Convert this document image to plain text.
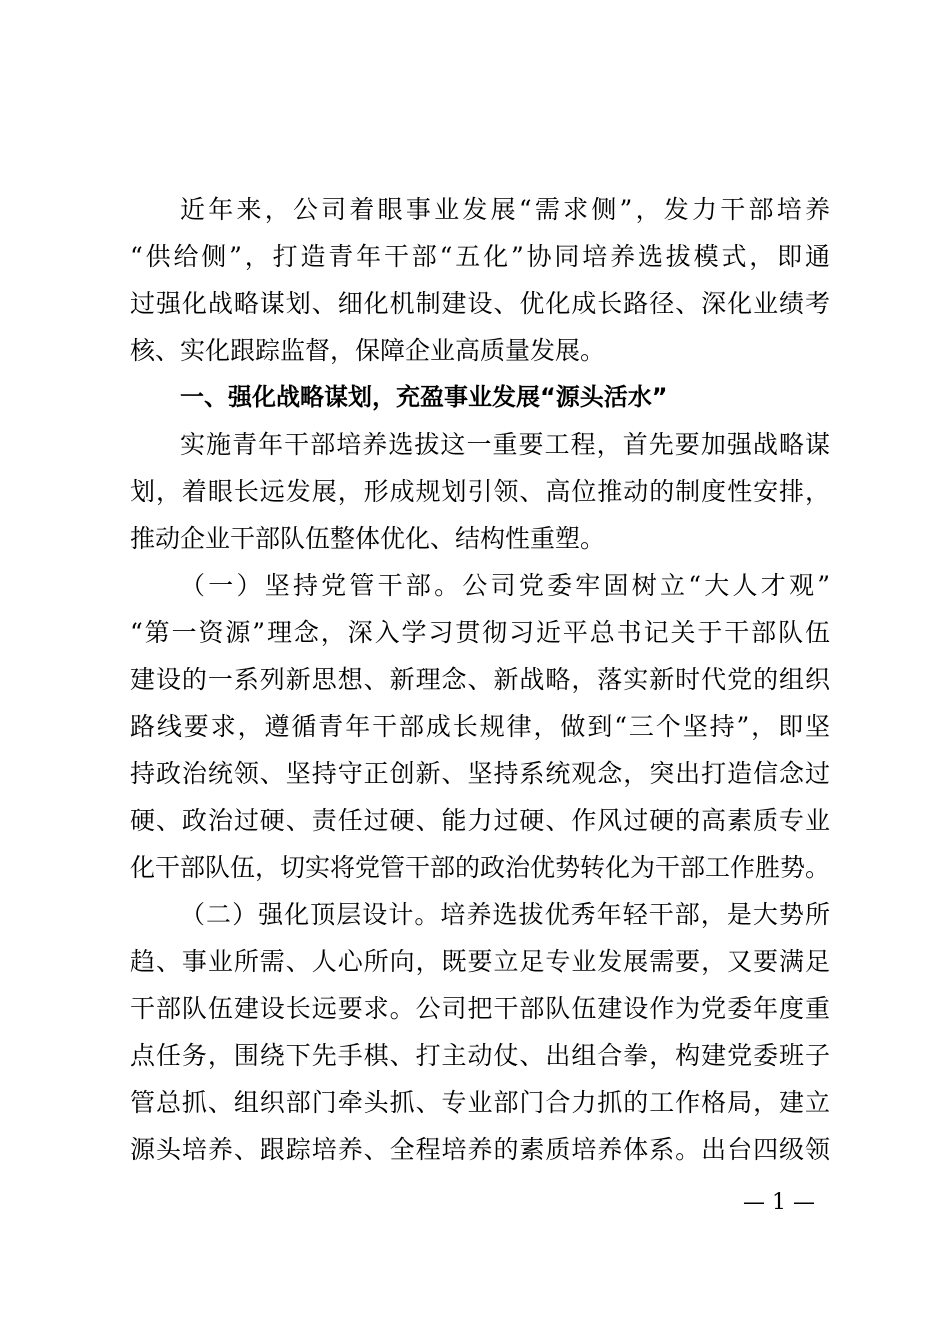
近年来，公司着眼事业发展“需求侧”，发力干部培养
“供给侧”，打造青年干部“五化”协同培养选拔模式，即通
过强化战略谋划、细化机制建设、优化成长路径、深化业绩考
核、实化跟踪监督，保障企业高质量发展。
一、强化战略谋划，充盈事业发展“源头活水”
实施青年干部培养选拔这一重要工程，首先要加强战略谋
划，着眼长远发展，形成规划引领、高位推动的制度性安排，
推动企业干部队伍整体优化、结构性重塑。
（一）坚持党管干部。公司党委牢固树立“大人才观”
“第一资源”理念，深入学习贯彻习近平总书记关于干部队伍
建设的一系列新思想、新理念、新战略，落实新时代党的组织
路线要求，遵循青年干部成长规律，做到“三个坚持”，即坚
持政治统领、坚持守正创新、坚持系统观念，突出打造信念过
硬、政治过硬、责任过硬、能力过硬、作风过硬的高素质专业
化干部队伍，切实将党管干部的政治优势转化为干部工作胜势。
（二）强化顶层设计。培养选拔优秀年轻干部，是大势所
趋、事业所需、人心所向，既要立足专业发展需要，又要满足
干部队伍建设长远要求。公司把干部队伍建设作为党委年度重
点任务，围绕下先手棋、打主动仗、出组合拳，构建党委班子
管总抓、组织部门牵头抓、专业部门合力抓的工作格局，建立
源头培养、跟踪培养、全程培养的素质培养体系。出台四级领
— 1 —
